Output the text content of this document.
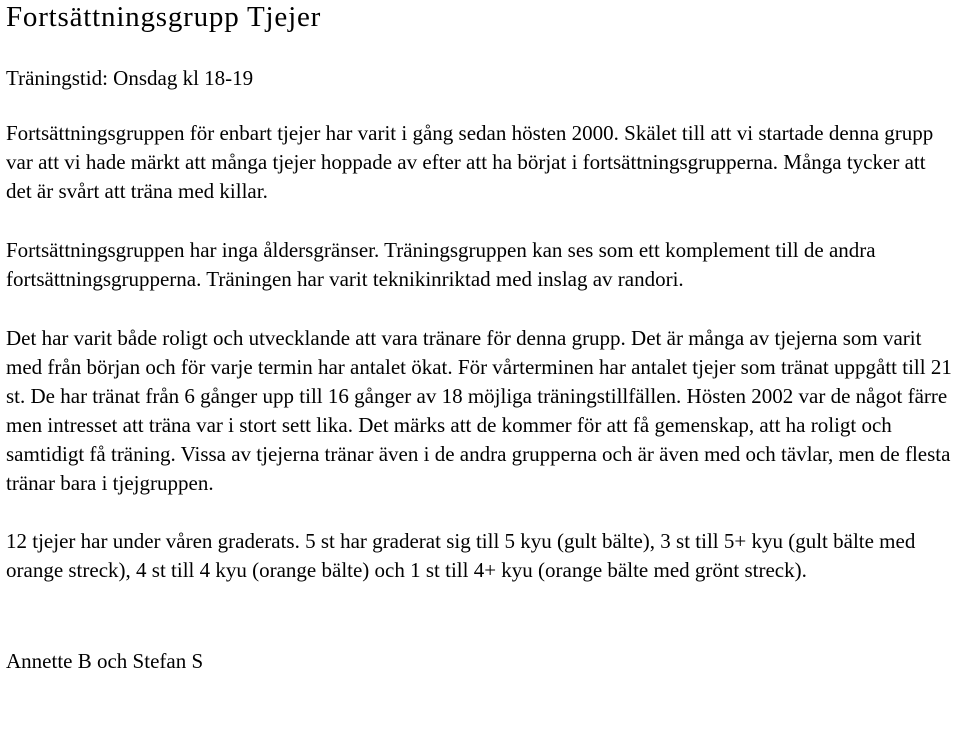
Fortsättningsgrupp Tjejer

Träningstid: Onsdag kl 18-19

Fortsättningsgruppen för enbart tjejer har varit i gång sedan hösten 2000. Skälet till att vi startade denna grupp var att vi hade märkt att många tjejer hoppade av efter att ha börjat i fortsättningsgrupperna. Många tycker att det är svårt att träna med killar.

Fortsättningsgruppen har inga åldersgränser. Träningsgruppen kan ses som ett komplement till de andra fortsättningsgrupperna. Träningen har varit teknikinriktad med inslag av randori.

Det har varit både roligt och utvecklande att vara tränare för denna grupp. Det är många av tjejerna som varit med från början och för varje termin har antalet ökat. För vårterminen har antalet tjejer som tränat uppgått till 21 st. De har tränat från 6 gånger upp till 16 gånger av 18 möjliga träningstillfällen. Hösten 2002 var de något färre men intresset att träna var i stort sett lika. Det märks att de kommer för att få gemenskap, att ha roligt och samtidigt få träning. Vissa av tjejerna tränar även i de andra grupperna och är även med och tävlar, men de flesta tränar bara i tjejgruppen.

12 tjejer har under våren graderats. 5 st har graderat sig till 5 kyu (gult bälte), 3 st till 5+ kyu (gult bälte med orange streck), 4 st till 4 kyu (orange bälte) och 1 st till 4+ kyu (orange bälte med grönt streck).

Annette B och Stefan S
